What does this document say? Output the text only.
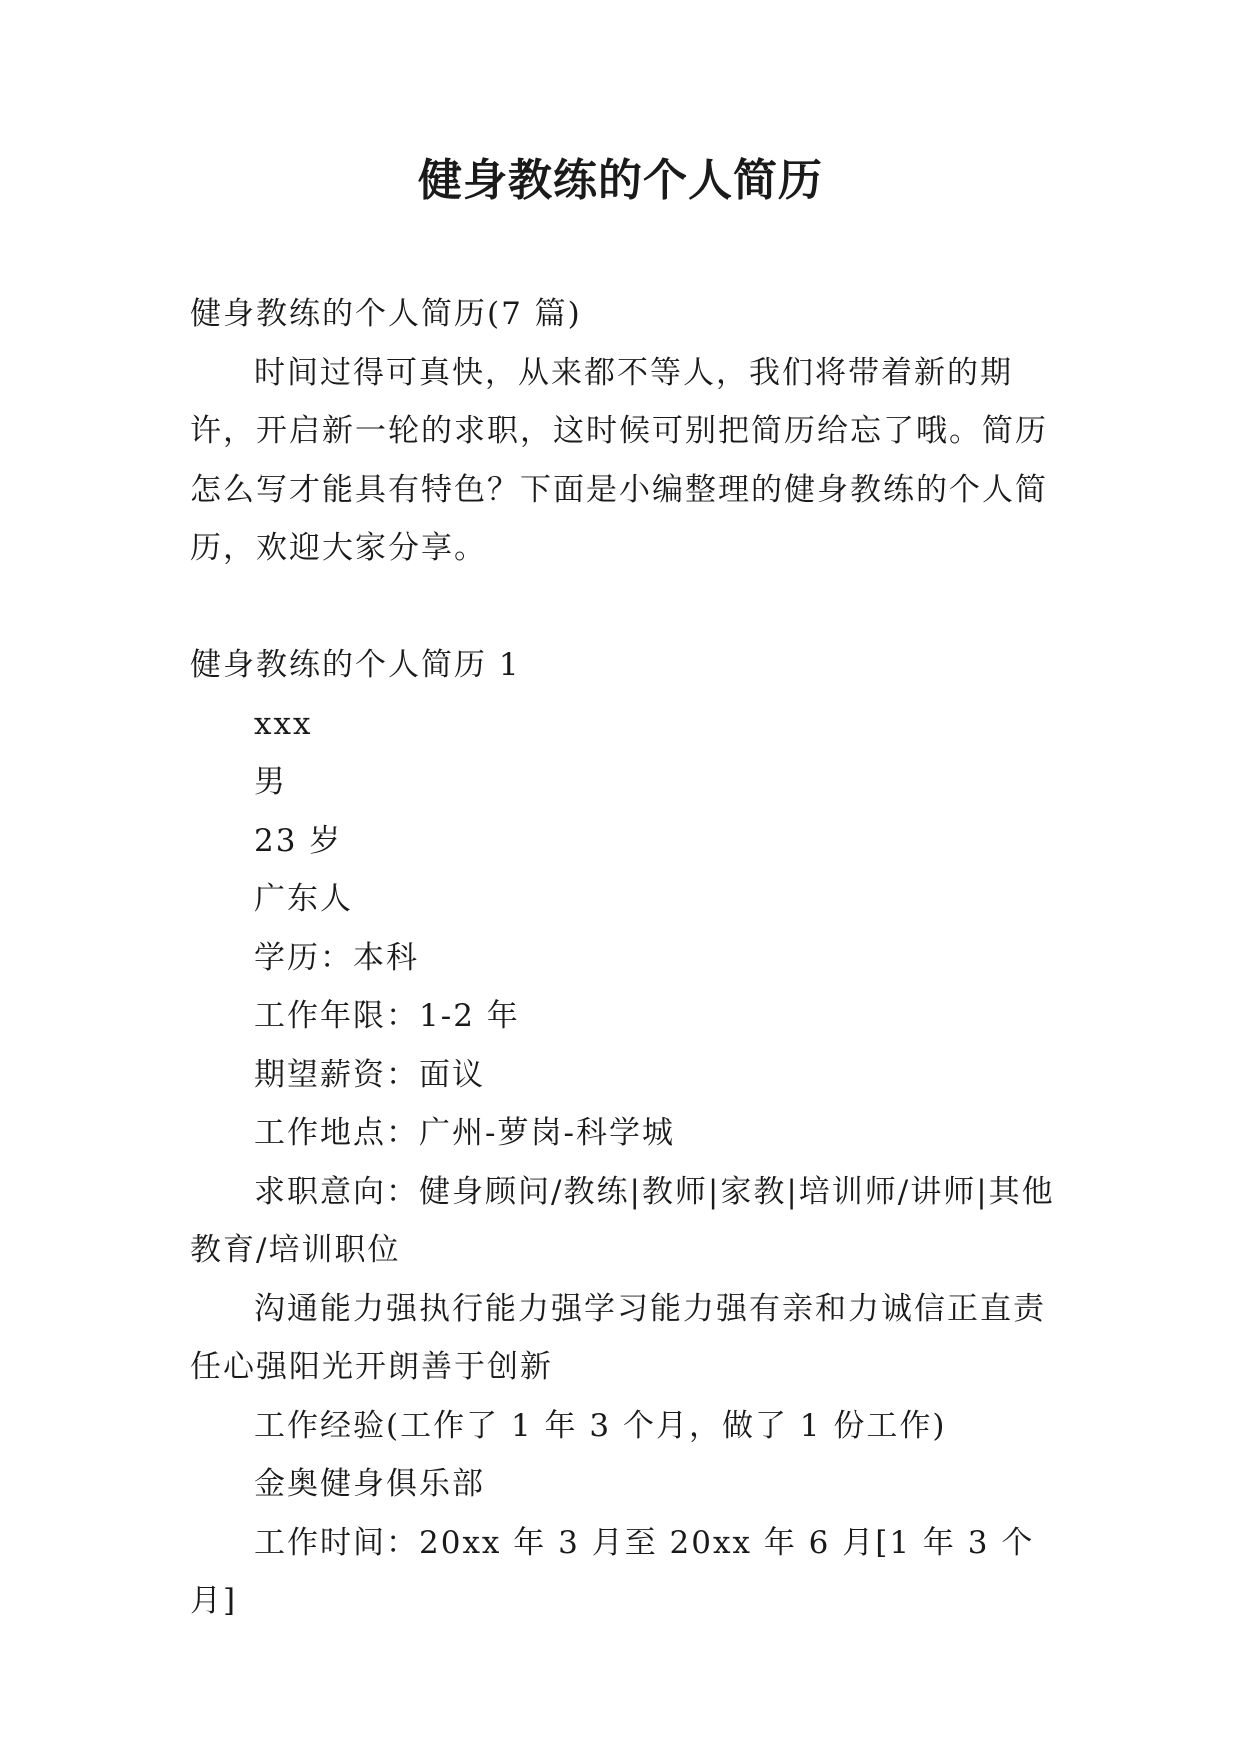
健身教练的个人简历

健身教练的个人简历(7 篇)

时间过得可真快，从来都不等人，我们将带着新的期许，开启新一轮的求职，这时候可别把简历给忘了哦。简历怎么写才能具有特色？下面是小编整理的健身教练的个人简历，欢迎大家分享。

健身教练的个人简历 1

xxx

男

23 岁

广东人

学历：本科

工作年限：1-2 年

期望薪资：面议

工作地点：广州-萝岗-科学城

求职意向：健身顾问/教练|教师|家教|培训师/讲师|其他教育/培训职位

沟通能力强执行能力强学习能力强有亲和力诚信正直责任心强阳光开朗善于创新

工作经验(工作了 1 年 3 个月，做了 1 份工作)

金奥健身俱乐部

工作时间：20xx 年 3 月至 20xx 年 6 月[1 年 3 个月]
